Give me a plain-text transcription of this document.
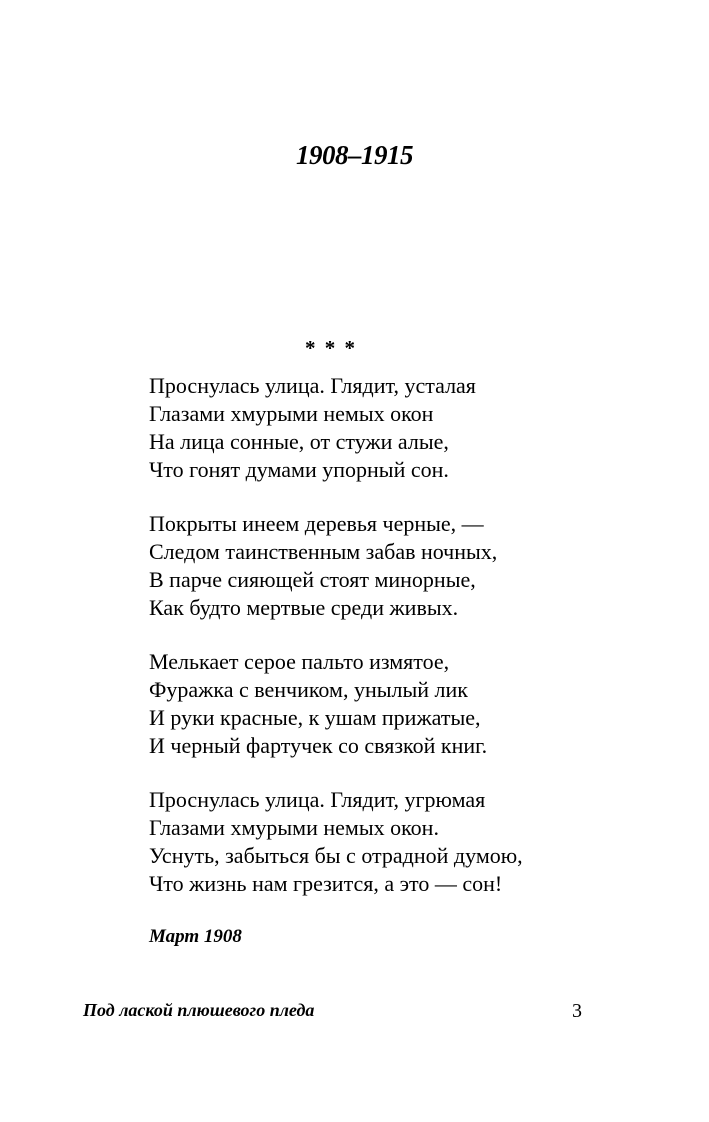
1908–1915
* * *
Проснулась улица. Глядит, усталая
Глазами хмурыми немых окон
На лица сонные, от стужи алые,
Что гонят думами упорный сон.
Покрыты инеем деревья черные, —
Следом таинственным забав ночных,
В парче сияющей стоят минорные,
Как будто мертвые среди живых.
Мелькает серое пальто измятое,
Фуражка с венчиком, унылый лик
И руки красные, к ушам прижатые,
И черный фартучек со связкой книг.
Проснулась улица. Глядит, угрюмая
Глазами хмурыми немых окон.
Уснуть, забыться бы с отрадной думою,
Что жизнь нам грезится, а это — сон!
Март 1908
Под лаской плюшевого пледа	3
